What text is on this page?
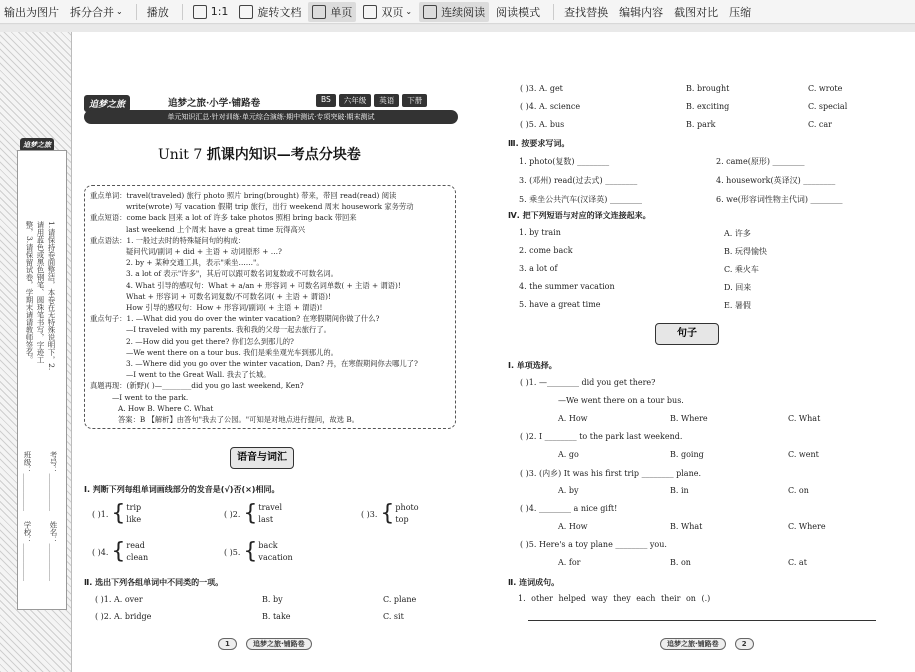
输出为图片 拆分合并 ⌄ 播放	1:1	旋转文档	单页	双页 ⌄	连续阅读 阅读模式 查找替换 编辑内容 截图对比 压缩
追梦之旅
1.请保持卷面整洁，本卷在无特殊说明下，2.请用蓝色或黑色钢笔、圆珠笔书写，字迹工整，3.请保留试卷，学期末请请教师签名。
班级：__________
考号：__________
学校：__________
姓名：__________
追梦之旅	追梦之旅·小学·铺路卷	BS	六年级	英语	下册
单元知识汇总·针对训练·单元综合演练·期中测试·专项突破·期末测试
Unit 7 抓课内知识—考点分块卷
重点单词：travel(traveled) 旅行 photo 照片 bring(brought) 带来，带回 read(read) 阅读
write(wrote) 写 vacation 假期 trip 旅行，出行 weekend 周末 housework 家务劳动
重点短语：come back 回来 a lot of 许多 take photos 照相 bring back 带回来
last weekend 上个周末 have a great time 玩得高兴
重点语法：1. 一般过去时的特殊疑问句的构成：
疑问代词/副词 + did + 主语 + 动词原形 + …?
2. by + 某种交通工具，表示"乘坐……"。
3. a lot of 表示"许多"，其后可以跟可数名词复数或不可数名词。
4. What 引导的感叹句：What + a/an + 形容词 + 可数名词单数( + 主语 + 谓语)!
What + 形容词 + 可数名词复数/不可数名词( + 主语 + 谓语)!
How 引导的感叹句：How + 形容词/副词( + 主语 + 谓语)!
重点句子：1. —What did you do over the winter vacation? 在寒假期间你做了什么?
—I traveled with my parents. 我和我的父母一起去旅行了。
2. —How did you get there? 你们怎么到那儿的?
—We went there on a tour bus. 我们是乘坐观光车到那儿的。
3. —Where did you go over the winter vacation, Dan? 丹，在寒假期间你去哪儿了?
—I went to the Great Wall. 我去了长城。
真题再现：(新野)( )—________did you go last weekend, Ken?
—I went to the park.
A. How B. Where C. What
答案：B 【解析】由答句"我去了公园。"可知是对地点进行提问，故选 B。
语音与词汇
Ⅰ. 判断下列每组单词画线部分的发音是(√)否(×)相同。
( )1. { trip
like
( )2. { travel
last
( )3. { photo
top
( )4. { read
clean
( )5. { back
vacation
Ⅱ. 选出下列各组单词中不同类的一项。
( )1. A. over	B. by	C. plane
( )2. A. bridge	B. take	C. sit
1	追梦之旅·铺路卷
( )3. A. get	B. brought	C. wrote
( )4. A. science	B. exciting	C. special
( )5. A. bus	B. park	C. car
Ⅲ. 按要求写词。
1. photo(复数) ________	2. came(原形) ________
3. (邓州) read(过去式) ________	4. housework(英译汉) ________
5. 乘坐公共汽车(汉译英) ________	6. we(形容词性物主代词) ________
Ⅳ. 把下列短语与对应的译文连接起来。
1. by train	A. 许多
2. come back	B. 玩得愉快
3. a lot of	C. 乘火车
4. the summer vacation	D. 回来
5. have a great time	E. 暑假
句子
Ⅰ. 单项选择。
( )1. —________ did you get there?
—We went there on a tour bus.
A. How	B. Where	C. What
( )2. I ________ to the park last weekend.
A. go	B. going	C. went
( )3. (内乡) It was his first trip ________ plane.
A. by	B. in	C. on
( )4. ________ a nice gift!
A. How	B. What	C. Where
( )5. Here's a toy plane ________ you.
A. for	B. on	C. at
Ⅱ. 连词成句。
1. other helped way they each their on (.)
追梦之旅·铺路卷	2
